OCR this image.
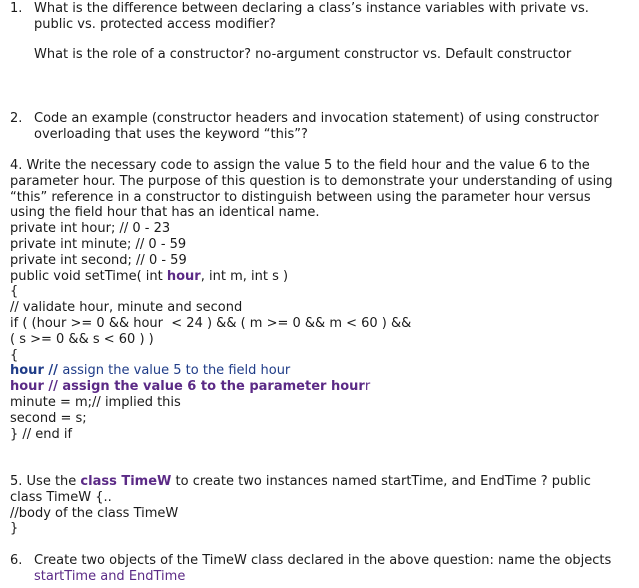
1. What is the difference between declaring a class’s instance variables with private vs.

public vs. protected access modifier?

What is the role of a constructor? no-argument constructor vs. Default constructor
2. Code an example (constructor headers and invocation statement) of using constructor

overloading that uses the keyword “this”?

4. Write the necessary code to assign the value 5 to the field hour and the value 6 to the

parameter hour. The purpose of this question is to demonstrate your understanding of using

“this” reference in a constructor to distinguish between using the parameter hour versus

using the field hour that has an identical name.

private int hour; // 0 - 23

private int minute; // 0 - 59

private int second; // 0 - 59

public void setTime( int hour, int m, int s )

{

// validate hour, minute and second

if ( (hour >= 0 && hour  < 24 ) && ( m >= 0 && m < 60 ) &&

( s >= 0 && s < 60 ) )

{

hour // assign the value 5 to the field hour

hour // assign the value 6 to the parameter hourr

minute = m;// implied this

second = s;

} // end if

5. Use the class TimeW to create two instances named startTime, and EndTime ? public

class TimeW {..

//body of the class TimeW

}

6. Create two objects of the TimeW class declared in the above question: name the objects

startTime and EndTime
